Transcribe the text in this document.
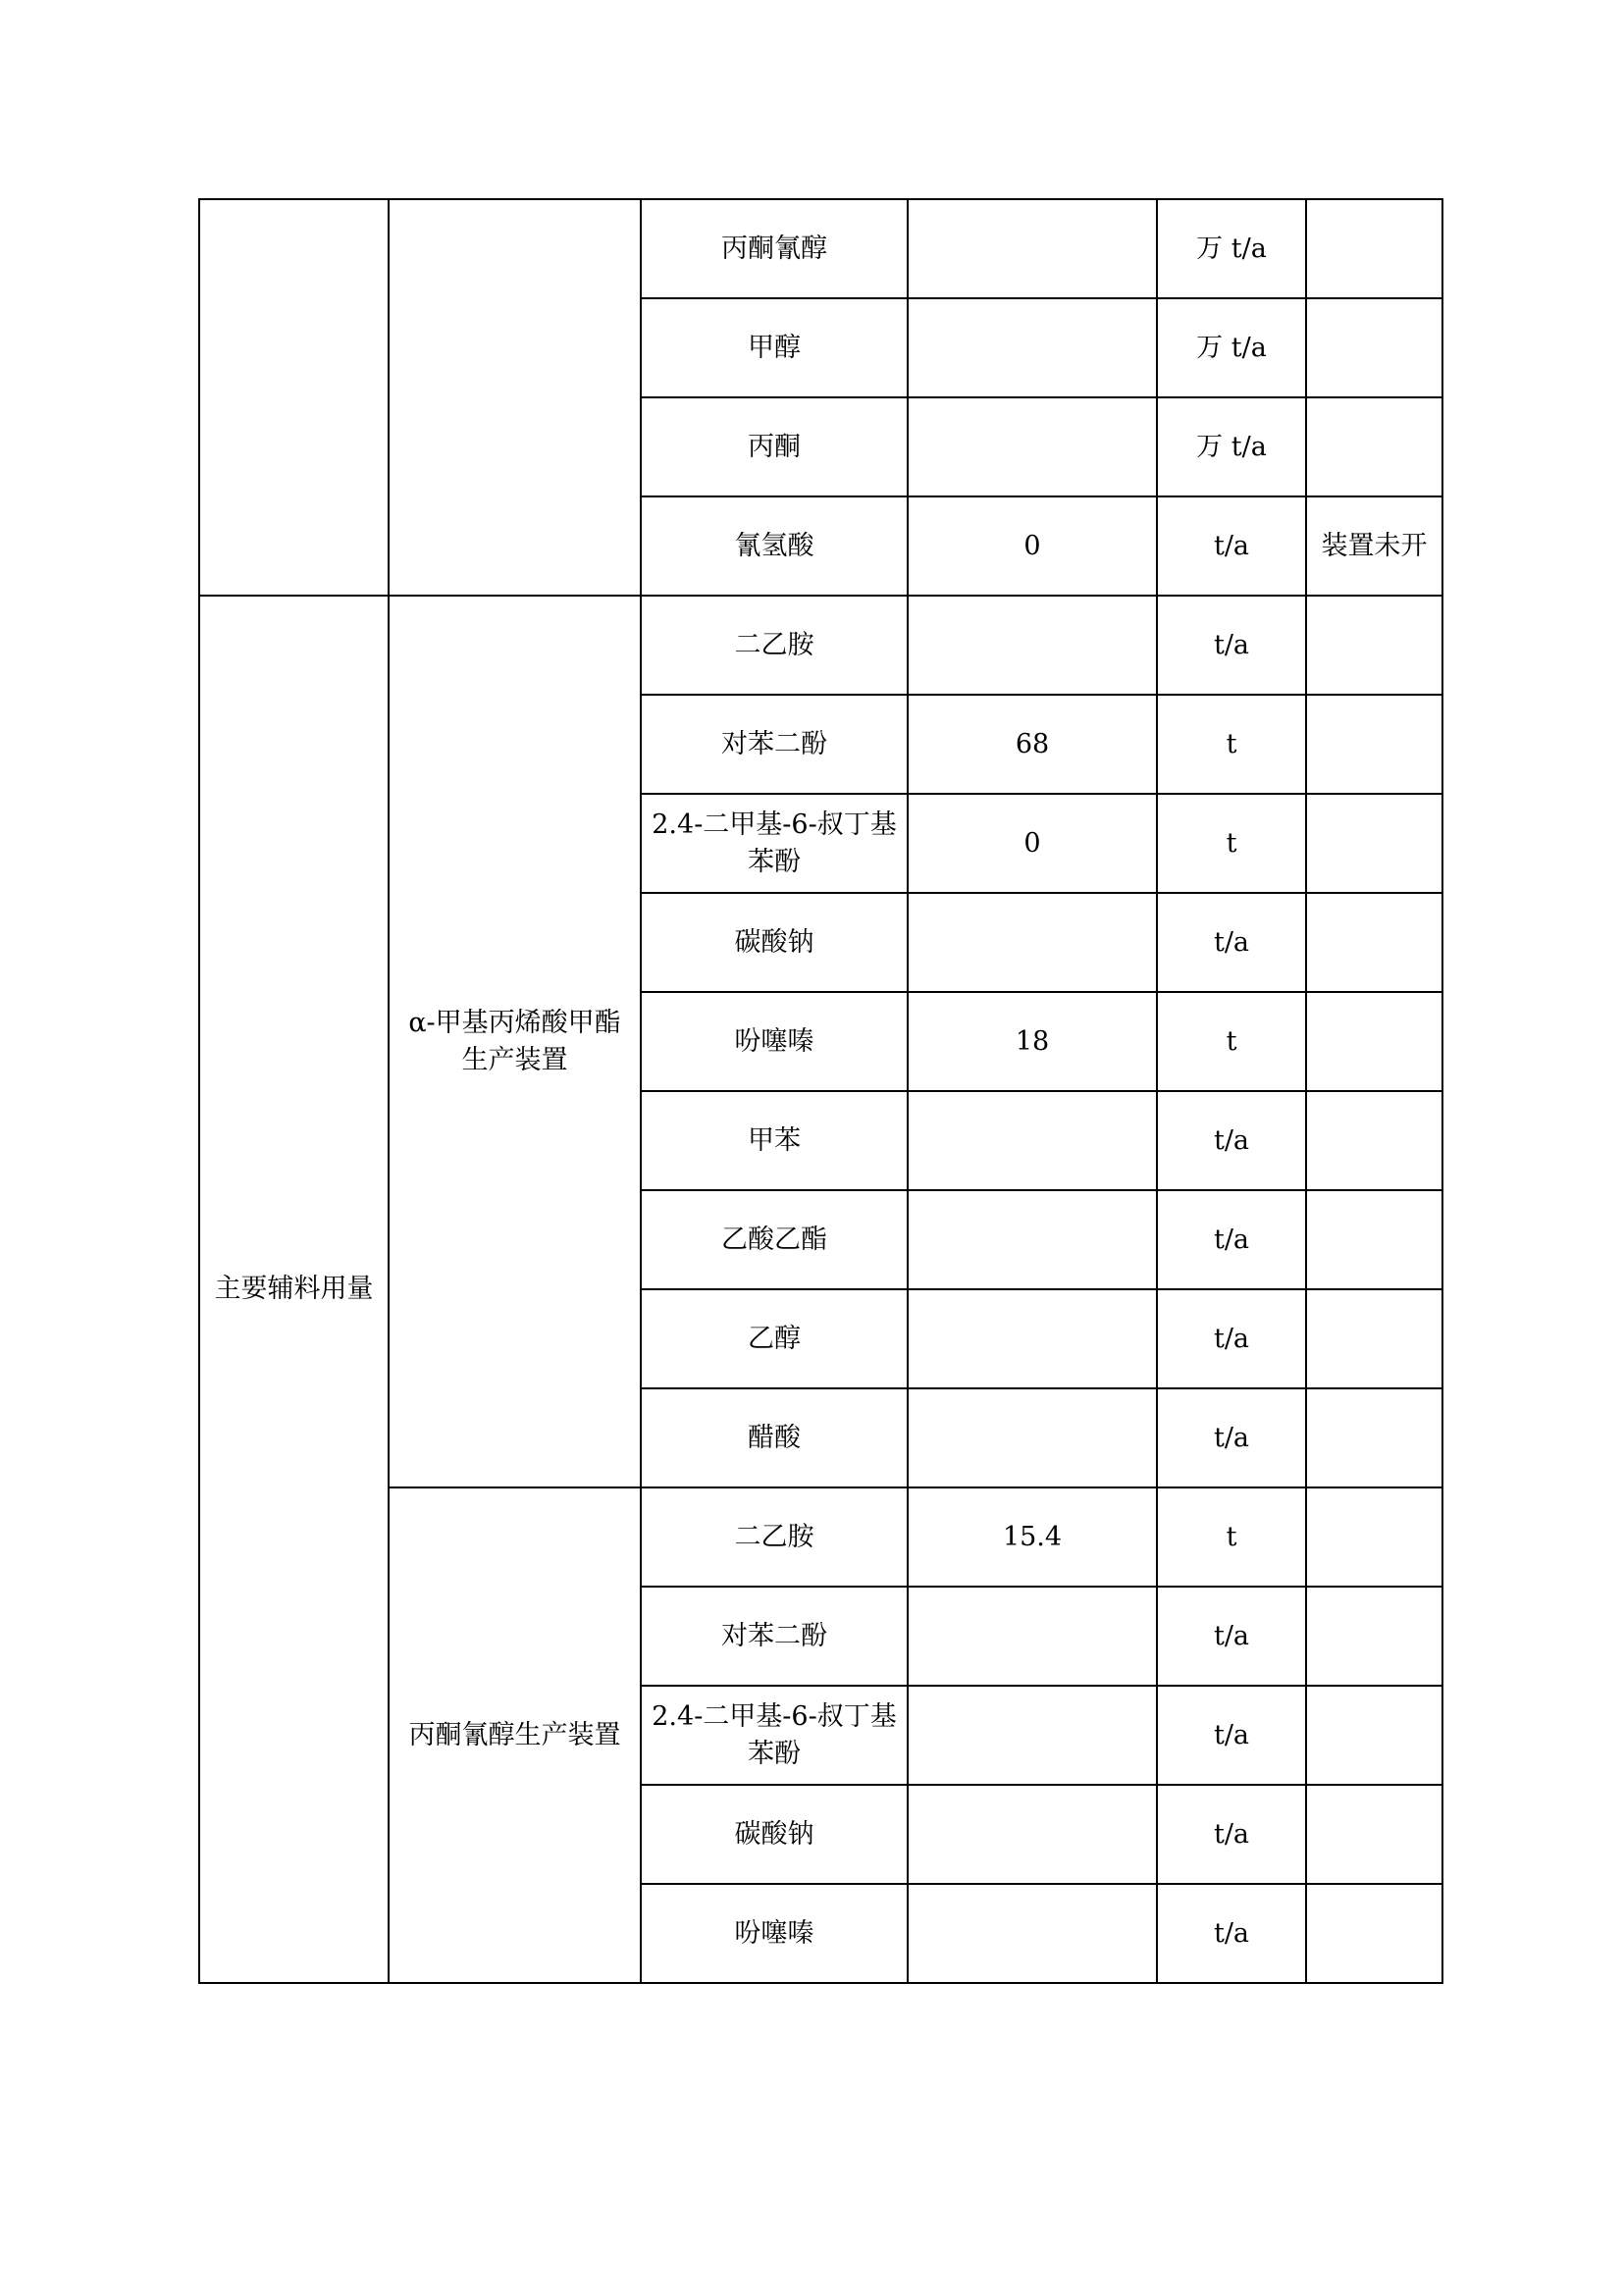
		丙酮氰醇		万 t/a	
		甲醇		万 t/a	
		丙酮		万 t/a	
		氰氢酸	0	t/a	装置未开
主要辅料用量	α-甲基丙烯酸甲酯生产装置	二乙胺		t/a	
		对苯二酚	68	t	
		2.4-二甲基-6-叔丁基苯酚	0	t	
		碳酸钠		t/a	
		吩噻嗪	18	t	
		甲苯		t/a	
		乙酸乙酯		t/a	
		乙醇		t/a	
		醋酸		t/a	
	丙酮氰醇生产装置	二乙胺	15.4	t	
		对苯二酚		t/a	
		2.4-二甲基-6-叔丁基苯酚		t/a	
		碳酸钠		t/a	
		吩噻嗪		t/a	
